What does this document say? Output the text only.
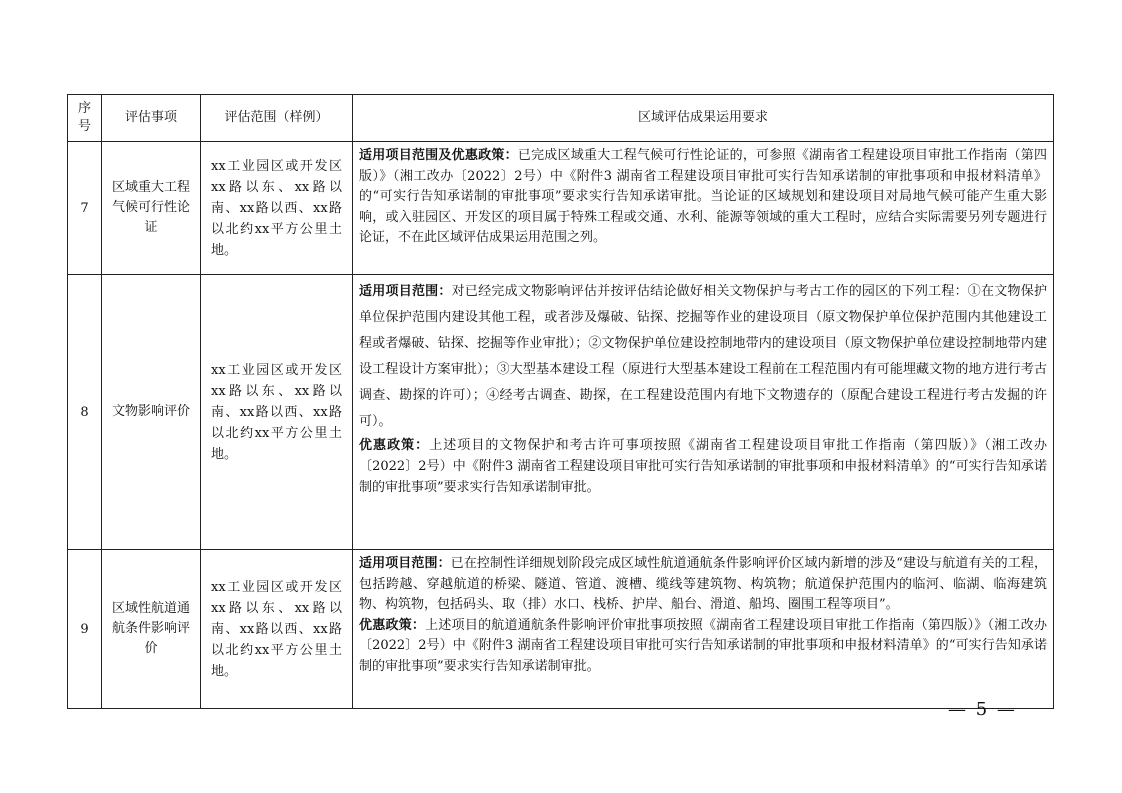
序号	评估事项	评估范围（样例）	区域评估成果运用要求
7	区域重大工程气候可行性论证	xx工业园区或开发区xx路以东、xx路以南、xx路以西、xx路以北约xx平方公里土地。	适用项目范围及优惠政策：已完成区域重大工程气候可行性论证的，可参照《湖南省工程建设项目审批工作指南（第四版）》（湘工改办〔2022〕2号）中《附件3 湖南省工程建设项目审批可实行告知承诺制的审批事项和申报材料清单》的“可实行告知承诺制的审批事项”要求实行告知承诺审批。当论证的区域规划和建设项目对局地气候可能产生重大影响，或入驻园区、开发区的项目属于特殊工程或交通、水利、能源等领域的重大工程时，应结合实际需要另列专题进行论证，不在此区域评估成果运用范围之列。

8	文物影响评价	xx工业园区或开发区xx路以东、xx路以南、xx路以西、xx路以北约xx平方公里土地。	适用项目范围：对已经完成文物影响评估并按评估结论做好相关文物保护与考古工作的园区的下列工程：①在文物保护单位保护范围内建设其他工程，或者涉及爆破、钻探、挖掘等作业的建设项目（原文物保护单位保护范围内其他建设工程或者爆破、钻探、挖掘等作业审批）；②文物保护单位建设控制地带内的建设项目（原文物保护单位建设控制地带内建设工程设计方案审批）；③大型基本建设工程（原进行大型基本建设工程前在工程范围内有可能埋藏文物的地方进行考古调查、勘探的许可）；④经考古调查、勘探，在工程建设范围内有地下文物遗存的（原配合建设工程进行考古发掘的许可）。

优惠政策：上述项目的文物保护和考古许可事项按照《湖南省工程建设项目审批工作指南（第四版）》（湘工改办〔2022〕2号）中《附件3 湖南省工程建设项目审批可实行告知承诺制的审批事项和申报材料清单》的“可实行告知承诺制的审批事项”要求实行告知承诺制审批。

9	区域性航道通航条件影响评价	xx工业园区或开发区xx路以东、xx路以南、xx路以西、xx路以北约xx平方公里土地。	适用项目范围：已在控制性详细规划阶段完成区域性航道通航条件影响评价区域内新增的涉及“建设与航道有关的工程，包括跨越、穿越航道的桥梁、隧道、管道、渡槽、缆线等建筑物、构筑物；航道保护范围内的临河、临湖、临海建筑物、构筑物，包括码头、取（排）水口、栈桥、护岸、船台、滑道、船坞、圈围工程等项目”。

优惠政策：上述项目的航道通航条件影响评价审批事项按照《湖南省工程建设项目审批工作指南（第四版）》（湘工改办〔2022〕2号）中《附件3 湖南省工程建设项目审批可实行告知承诺制的审批事项和申报材料清单》的“可实行告知承诺制的审批事项”要求实行告知承诺制审批。

— 5 —
